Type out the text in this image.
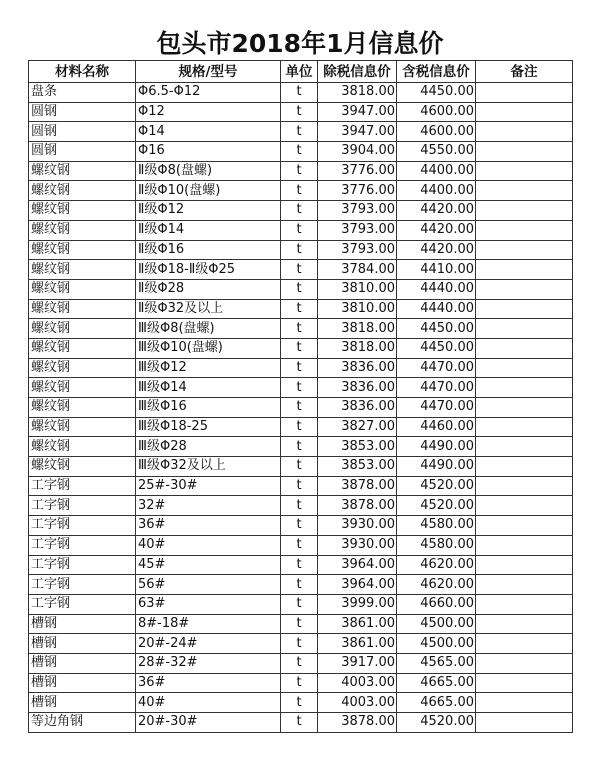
包头市2018年1月信息价
材料名称	规格/型号	单位	除税信息价	含税信息价	备注
盘条	Φ6.5-Φ12	t	3818.00	4450.00	
圆钢	Φ12	t	3947.00	4600.00	
圆钢	Φ14	t	3947.00	4600.00	
圆钢	Φ16	t	3904.00	4550.00	
螺纹钢	Ⅱ级Φ8(盘螺)	t	3776.00	4400.00	
螺纹钢	Ⅱ级Φ10(盘螺)	t	3776.00	4400.00	
螺纹钢	Ⅱ级Φ12	t	3793.00	4420.00	
螺纹钢	Ⅱ级Φ14	t	3793.00	4420.00	
螺纹钢	Ⅱ级Φ16	t	3793.00	4420.00	
螺纹钢	Ⅱ级Φ18-Ⅱ级Φ25	t	3784.00	4410.00	
螺纹钢	Ⅱ级Φ28	t	3810.00	4440.00	
螺纹钢	Ⅱ级Φ32及以上	t	3810.00	4440.00	
螺纹钢	Ⅲ级Φ8(盘螺)	t	3818.00	4450.00	
螺纹钢	Ⅲ级Φ10(盘螺)	t	3818.00	4450.00	
螺纹钢	Ⅲ级Φ12	t	3836.00	4470.00	
螺纹钢	Ⅲ级Φ14	t	3836.00	4470.00	
螺纹钢	Ⅲ级Φ16	t	3836.00	4470.00	
螺纹钢	Ⅲ级Φ18-25	t	3827.00	4460.00	
螺纹钢	Ⅲ级Φ28	t	3853.00	4490.00	
螺纹钢	Ⅲ级Φ32及以上	t	3853.00	4490.00	
工字钢	25#-30#	t	3878.00	4520.00	
工字钢	32#	t	3878.00	4520.00	
工字钢	36#	t	3930.00	4580.00	
工字钢	40#	t	3930.00	4580.00	
工字钢	45#	t	3964.00	4620.00	
工字钢	56#	t	3964.00	4620.00	
工字钢	63#	t	3999.00	4660.00	
槽钢	8#-18#	t	3861.00	4500.00	
槽钢	20#-24#	t	3861.00	4500.00	
槽钢	28#-32#	t	3917.00	4565.00	
槽钢	36#	t	4003.00	4665.00	
槽钢	40#	t	4003.00	4665.00	
等边角钢	20#-30#	t	3878.00	4520.00	
